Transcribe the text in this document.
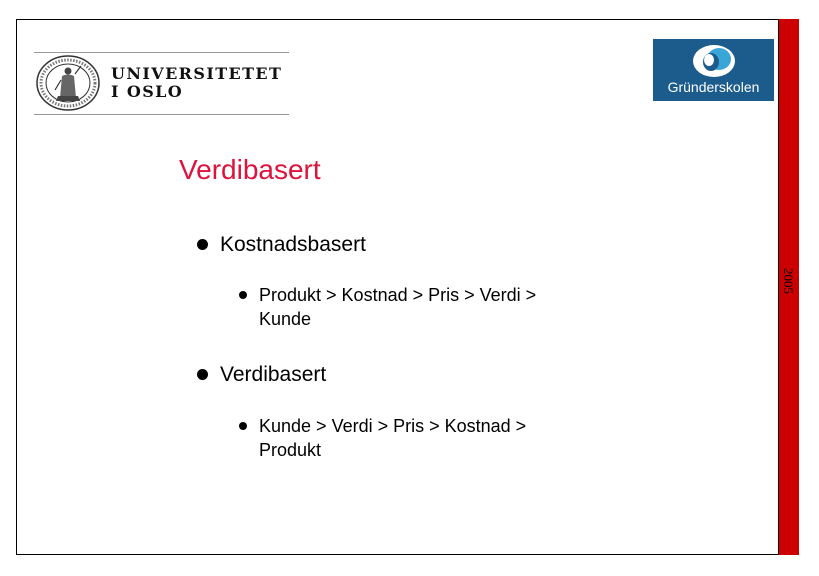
2005
UNIVERSITETET
I OSLO	Gründerskolen
Verdibasert
Kostnadsbasert
Produkt > Kostnad > Pris > Verdi > Kunde
Verdibasert
Kunde > Verdi > Pris > Kostnad > Produkt
